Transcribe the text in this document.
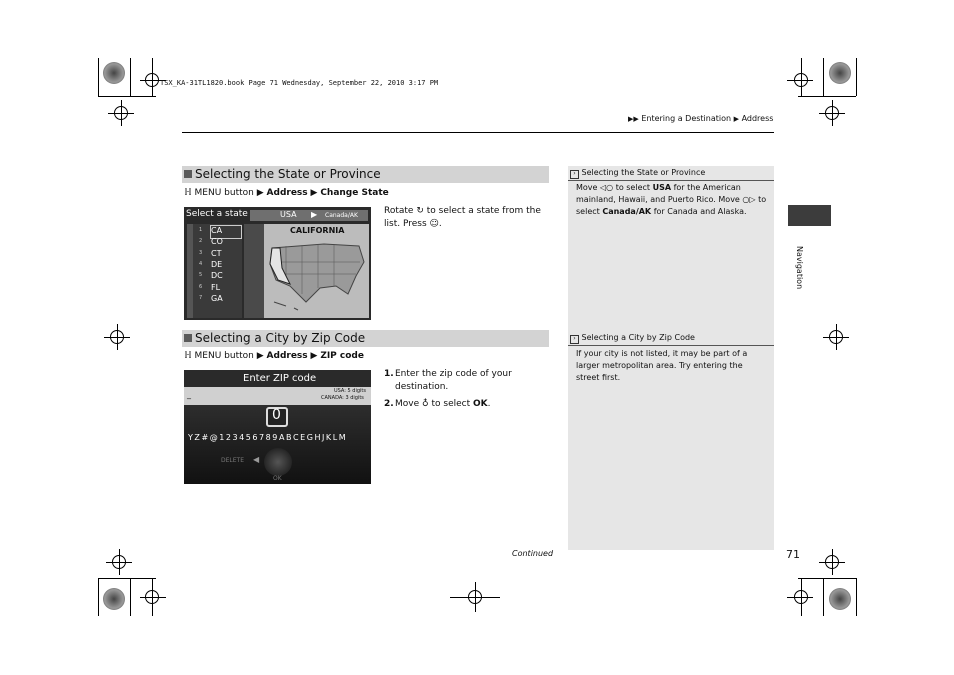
TSX_KA-31TL1820.book Page 71 Wednesday, September 22, 2010 3:17 PM
▶▶ Entering a Destination ▶ Address
Navigation
› Selecting the State or Province
Move ◁○ to select USA for the American mainland, Hawaii, and Puerto Rico. Move ○▷ to select Canada/AK for Canada and Alaska.
› Selecting a City by Zip Code
If your city is not listed, it may be part of a larger metropolitan area. Try entering the street first.
Selecting the State or Province
ℍ MENU button ▶ Address ▶ Change State
Select a state	USA ▶ Canada/AK
1 CA
2 CO
3 CT
4 DE
5 DC
6 FL
7 GA
CALIFORNIA
Rotate ↻ to select a state from the list. Press ☺.
Selecting a City by Zip Code
ℍ MENU button ▶ Address ▶ ZIP code
Enter ZIP code
USA: 5 digits
CANADA: 3 digits
_
0
Y Z # @ 1 2 3 4 5 6 7 8 9 A B C E G H J K L M
DELETE ◀
OK
1. Enter the zip code of your destination.
2. Move ♁ to select OK.
Continued	71
